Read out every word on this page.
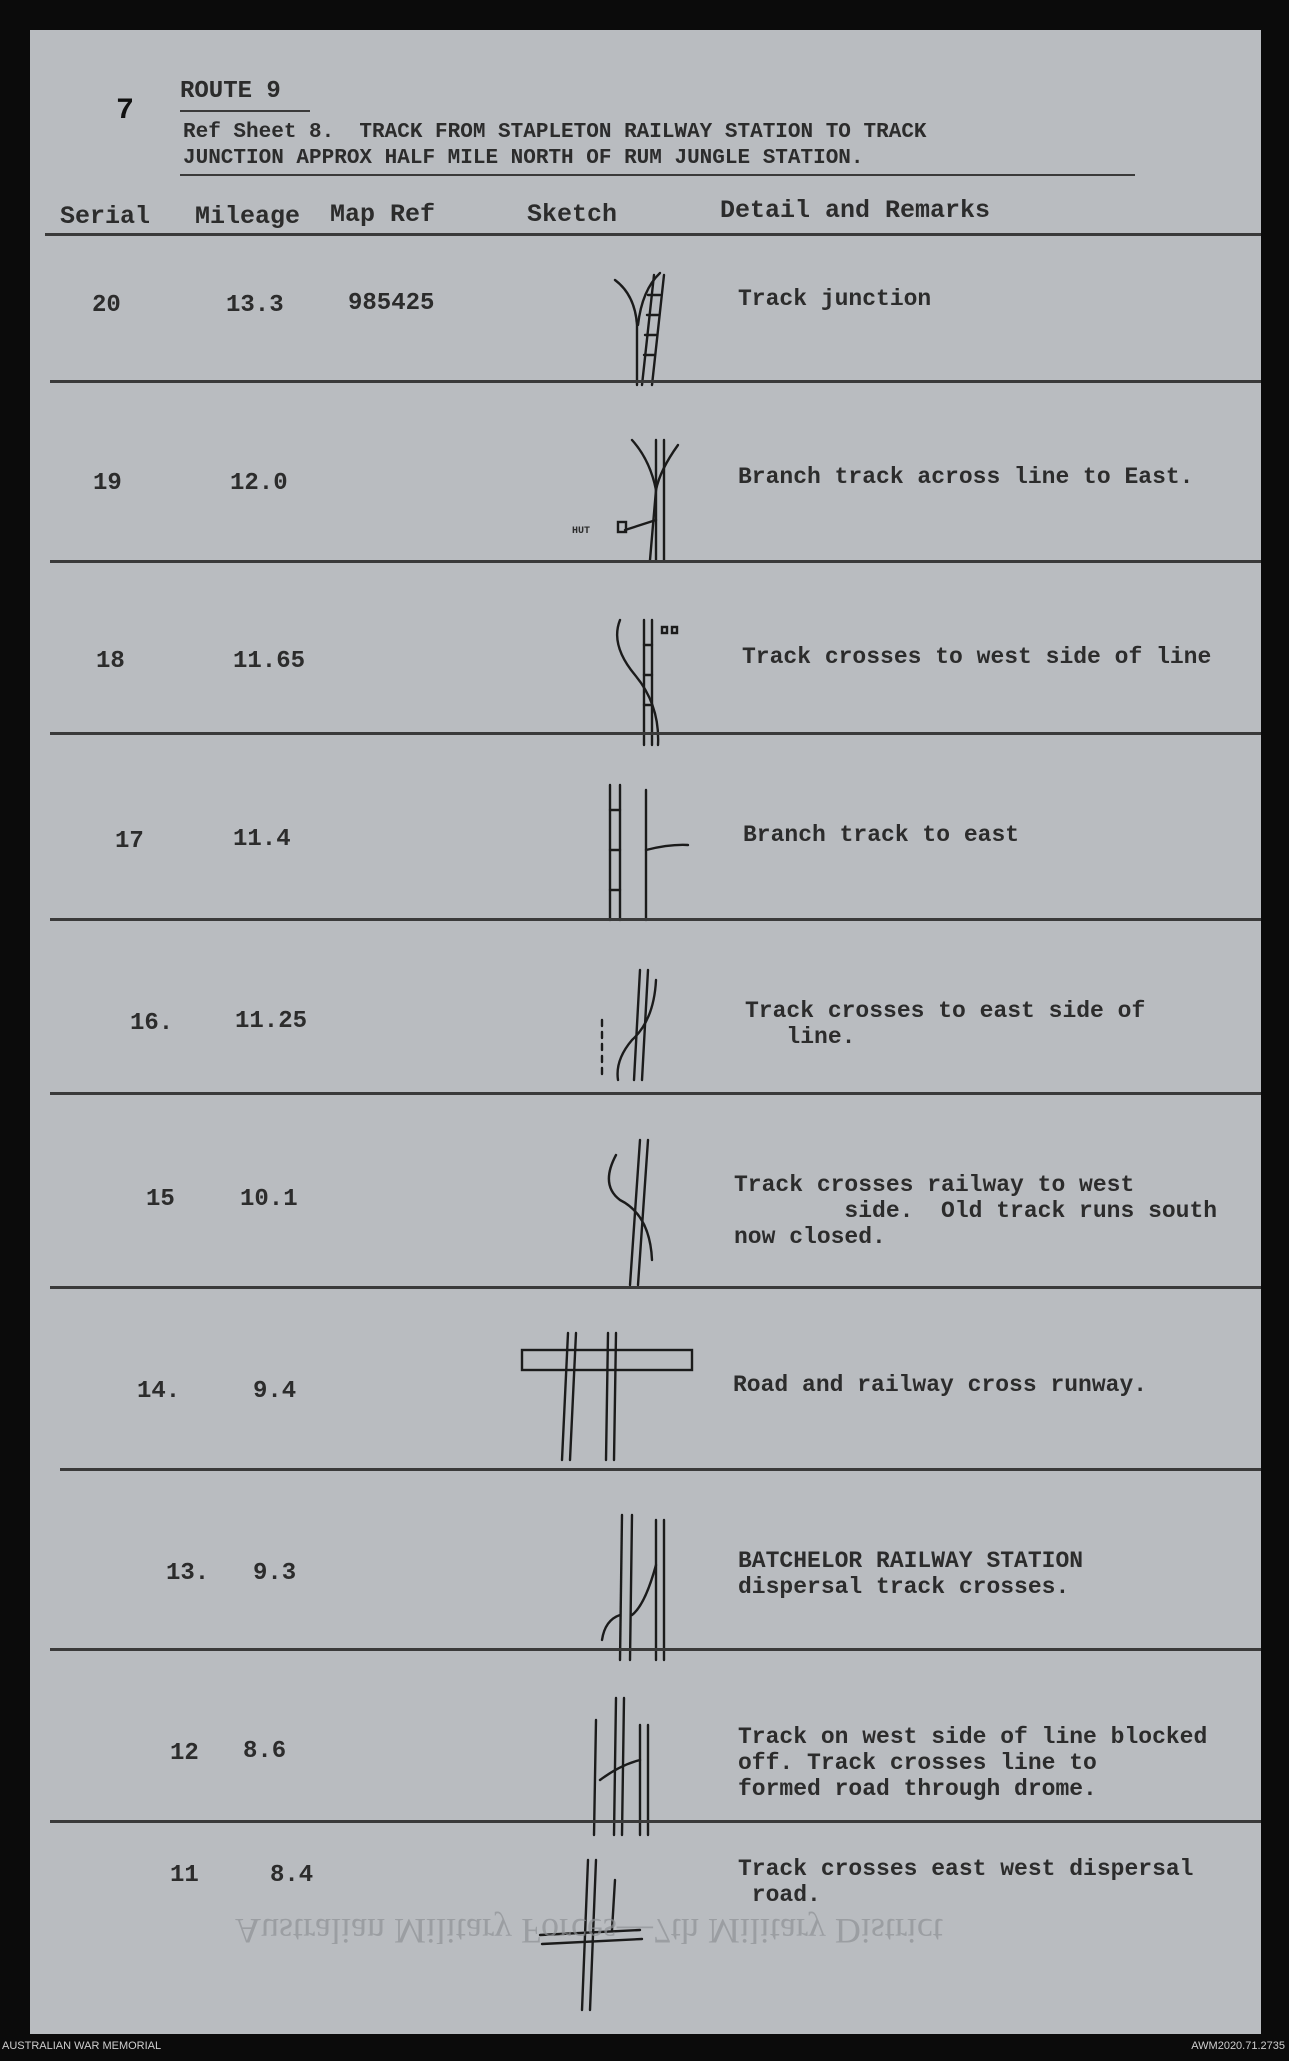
7
ROUTE 9
Ref Sheet 8.  TRACK FROM STAPLETON RAILWAY STATION TO TRACK
JUNCTION APPROX HALF MILE NORTH OF RUM JUNGLE STATION.
Serial Mileage Map Ref	Sketch	Detail and Remarks
20	13.3	985425	Track junction
19	12.0	Branch track across line to East.
HUT
18	11.65	Track crosses to west side of line
17	11.4	Branch track to east
16.	11.25	Track crosses to east side of
line.
15	10.1
Track crosses railway to west
side.  Old track runs south
now closed.
14.	9.4	Road and railway cross runway.
13. 9.3	BATCHELOR RAILWAY STATION
dispersal track crosses.
12 8.6
Track on west side of line blocked
off. Track crosses line to
formed road through drome.
11	8.4	Track crosses east west dispersal
road.
Australian Military Forces—7th Military District
AUSTRALIAN WAR MEMORIAL	AWM2020.71.2735
